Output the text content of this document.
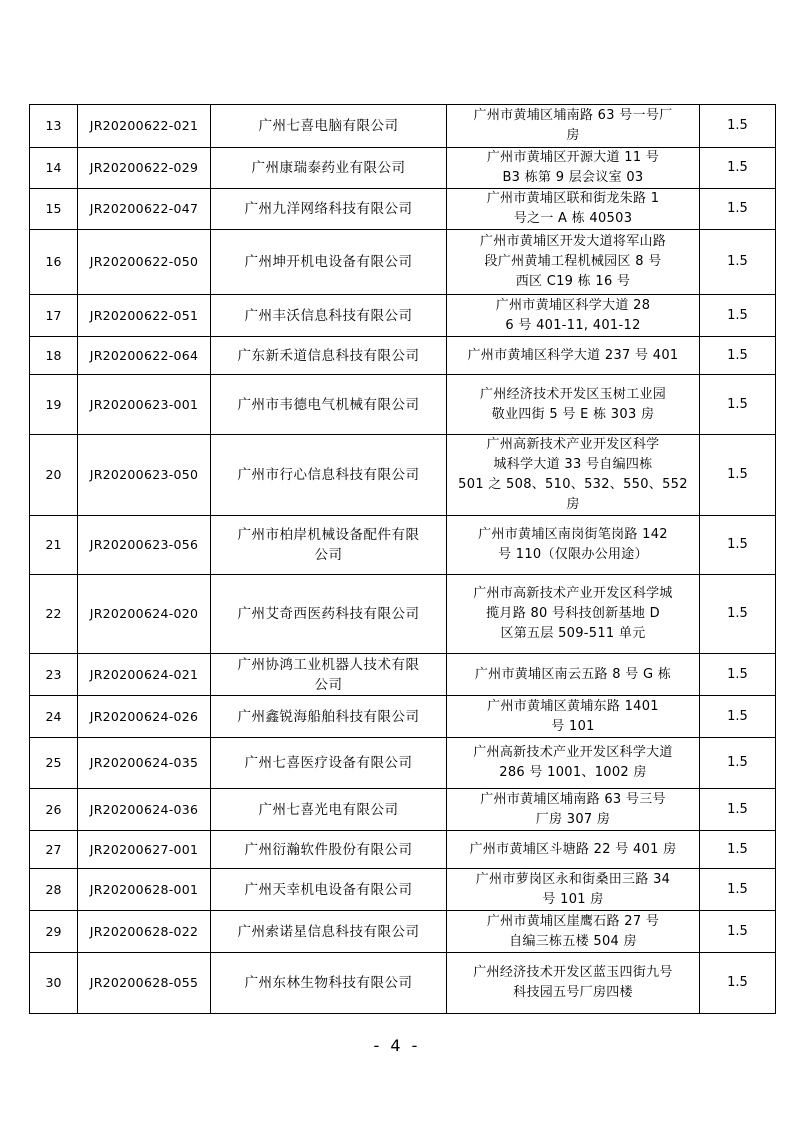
13	JR20200622-021	广州七喜电脑有限公司	广州市黄埔区埔南路 63 号一号厂
房	1.5
14	JR20200622-029	广州康瑞泰药业有限公司	广州市黄埔区开源大道 11 号
B3 栋第 9 层会议室 03	1.5
15	JR20200622-047	广州九洋网络科技有限公司	广州市黄埔区联和街龙朱路 1
号之一 A 栋 40503	1.5
16	JR20200622-050	广州坤开机电设备有限公司	广州市黄埔区开发大道将军山路
段广州黄埔工程机械园区 8 号
西区 C19 栋 16 号	1.5
17	JR20200622-051	广州丰沃信息科技有限公司	广州市黄埔区科学大道 28
6 号 401-11, 401-12	1.5
18	JR20200622-064	广东新禾道信息科技有限公司	广州市黄埔区科学大道 237 号 401	1.5
19	JR20200623-001	广州市韦德电气机械有限公司	广州经济技术开发区玉树工业园
敬业四街 5 号 E 栋 303 房	1.5
20	JR20200623-050	广州市行心信息科技有限公司	广州高新技术产业开发区科学
城科学大道 33 号自编四栋
501 之 508、510、532、550、552 房	1.5
21	JR20200623-056	广州市柏岸机械设备配件有限
公司	广州市黄埔区南岗街笔岗路 142
号 110（仅限办公用途）	1.5
22	JR20200624-020	广州艾奇西医药科技有限公司	广州市高新技术产业开发区科学城
揽月路 80 号科技创新基地 D
区第五层 509-511 单元	1.5
23	JR20200624-021	广州协鸿工业机器人技术有限
公司	广州市黄埔区南云五路 8 号 G 栋	1.5
24	JR20200624-026	广州鑫锐海船舶科技有限公司	广州市黄埔区黄埔东路 1401
号 101	1.5
25	JR20200624-035	广州七喜医疗设备有限公司	广州高新技术产业开发区科学大道
286 号 1001、1002 房	1.5
26	JR20200624-036	广州七喜光电有限公司	广州市黄埔区埔南路 63 号三号
厂房 307 房	1.5
27	JR20200627-001	广州衍瀚软件股份有限公司	广州市黄埔区斗塘路 22 号 401 房	1.5
28	JR20200628-001	广州天幸机电设备有限公司	广州市萝岗区永和街桑田三路 34
号 101 房	1.5
29	JR20200628-022	广州索诺星信息科技有限公司	广州市黄埔区崖鹰石路 27 号
自编三栋五楼 504 房	1.5
30	JR20200628-055	广州东林生物科技有限公司	广州经济技术开发区蓝玉四街九号
科技园五号厂房四楼	1.5
- 4 -
